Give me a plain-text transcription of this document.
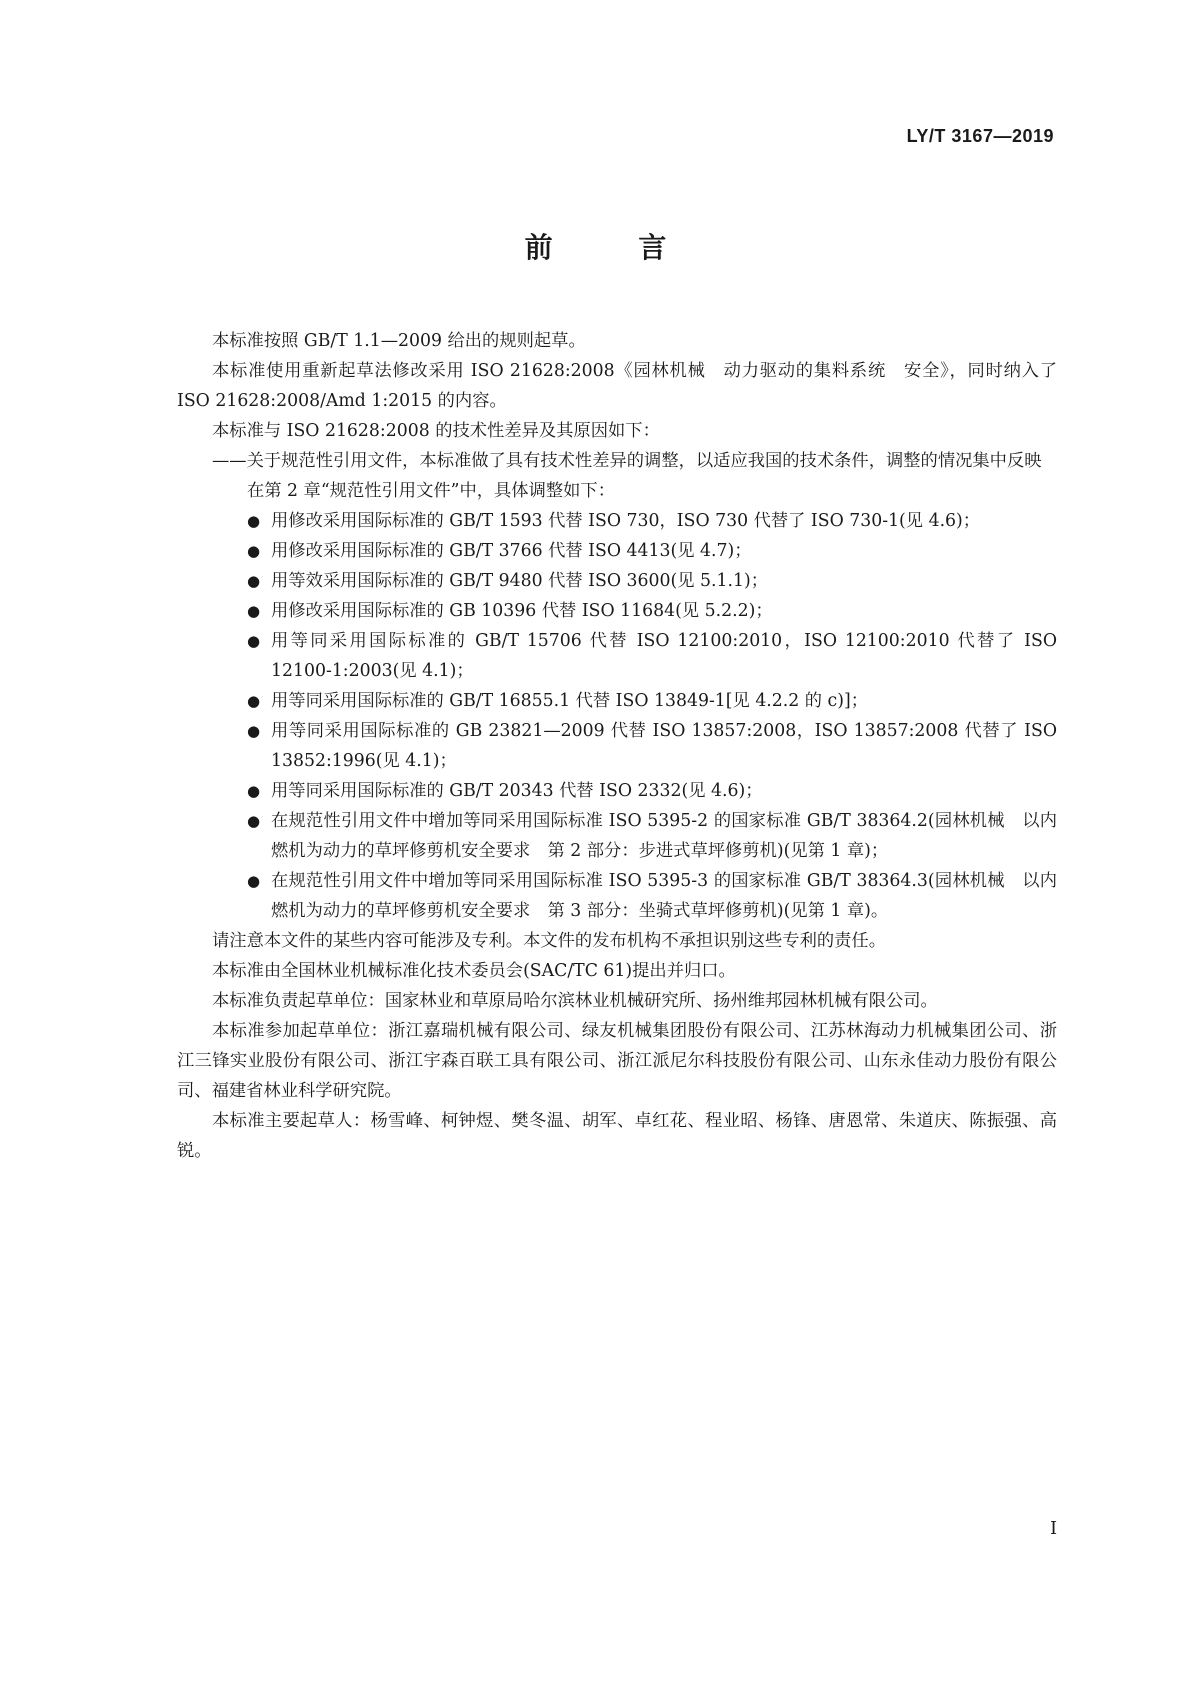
LY/T 3167—2019
前 言

本标准按照 GB/T 1.1—2009 给出的规则起草。

本标准使用重新起草法修改采用 ISO 21628:2008《园林机械　动力驱动的集料系统　安全》，同时纳入了 ISO 21628:2008/Amd 1:2015 的内容。

本标准与 ISO 21628:2008 的技术性差异及其原因如下：

——关于规范性引用文件，本标准做了具有技术性差异的调整，以适应我国的技术条件，调整的情况集中反映在第 2 章“规范性引用文件”中，具体调整如下：

● 用修改采用国际标准的 GB/T 1593 代替 ISO 730，ISO 730 代替了 ISO 730-1(见 4.6)；
● 用修改采用国际标准的 GB/T 3766 代替 ISO 4413(见 4.7)；
● 用等效采用国际标准的 GB/T 9480 代替 ISO 3600(见 5.1.1)；
● 用修改采用国际标准的 GB 10396 代替 ISO 11684(见 5.2.2)；
● 用等同采用国际标准的 GB/T 15706 代替 ISO 12100:2010，ISO 12100:2010 代替了 ISO 12100-1:2003(见 4.1)；
● 用等同采用国际标准的 GB/T 16855.1 代替 ISO 13849-1[见 4.2.2 的 c)]；
● 用等同采用国际标准的 GB 23821—2009 代替 ISO 13857:2008，ISO 13857:2008 代替了 ISO 13852:1996(见 4.1)；
● 用等同采用国际标准的 GB/T 20343 代替 ISO 2332(见 4.6)；
● 在规范性引用文件中增加等同采用国际标准 ISO 5395-2 的国家标准 GB/T 38364.2(园林机械　以内燃机为动力的草坪修剪机安全要求　第 2 部分：步进式草坪修剪机)(见第 1 章)；
● 在规范性引用文件中增加等同采用国际标准 ISO 5395-3 的国家标准 GB/T 38364.3(园林机械　以内燃机为动力的草坪修剪机安全要求　第 3 部分：坐骑式草坪修剪机)(见第 1 章)。

请注意本文件的某些内容可能涉及专利。本文件的发布机构不承担识别这些专利的责任。

本标准由全国林业机械标准化技术委员会(SAC/TC 61)提出并归口。

本标准负责起草单位：国家林业和草原局哈尔滨林业机械研究所、扬州维邦园林机械有限公司。

本标准参加起草单位：浙江嘉瑞机械有限公司、绿友机械集团股份有限公司、江苏林海动力机械集团公司、浙江三锋实业股份有限公司、浙江宇森百联工具有限公司、浙江派尼尔科技股份有限公司、山东永佳动力股份有限公司、福建省林业科学研究院。

本标准主要起草人：杨雪峰、柯钟煜、樊冬温、胡军、卓红花、程业昭、杨锋、唐恩常、朱道庆、陈振强、高锐。

I
